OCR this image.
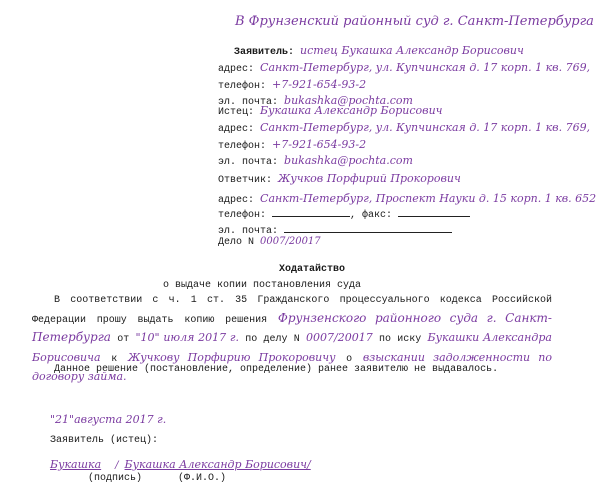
В Фрунзенский районный суд г. Санкт-Петербурга
Заявитель: истец Букашка Александр Борисович
адрес: Санкт-Петербург, ул. Купчинская д. 17 корп. 1 кв. 769,
телефон: +7-921-654-93-2
эл. почта: bukashka@pochta.com
Истец: Букашка Александр Борисович
адрес: Санкт-Петербург, ул. Купчинская д. 17 корп. 1 кв. 769,
телефон: +7-921-654-93-2
эл. почта: bukashka@pochta.com
Ответчик: Жучков Порфирий Прокорович
адрес: Санкт-Петербург, Проспект Науки д. 15 корп. 1 кв. 652
телефон:	, факс:
эл. почта:
Дело N 0007/20017
Ходатайство
о выдаче копии постановления суда
В соответствии с ч. 1 ст. 35 Гражданского процессуального кодекса Российской Федерации прошу выдать копию решения Фрунзенского районного суда г. Санкт-Петербурга от "10" июля 2017 г. по делу N 0007/20017 по иску Букашки Александра Борисовича к Жучкову Порфирию Прокоровичу о взыскании задолженности по договору займа.
Данное решение (постановление, определение) ранее заявителю не выдавалось.
"21"августа 2017 г.
Заявитель (истец):
Букашка / Букашка Александр Борисович/
(подпись)	(Ф.И.О.)
